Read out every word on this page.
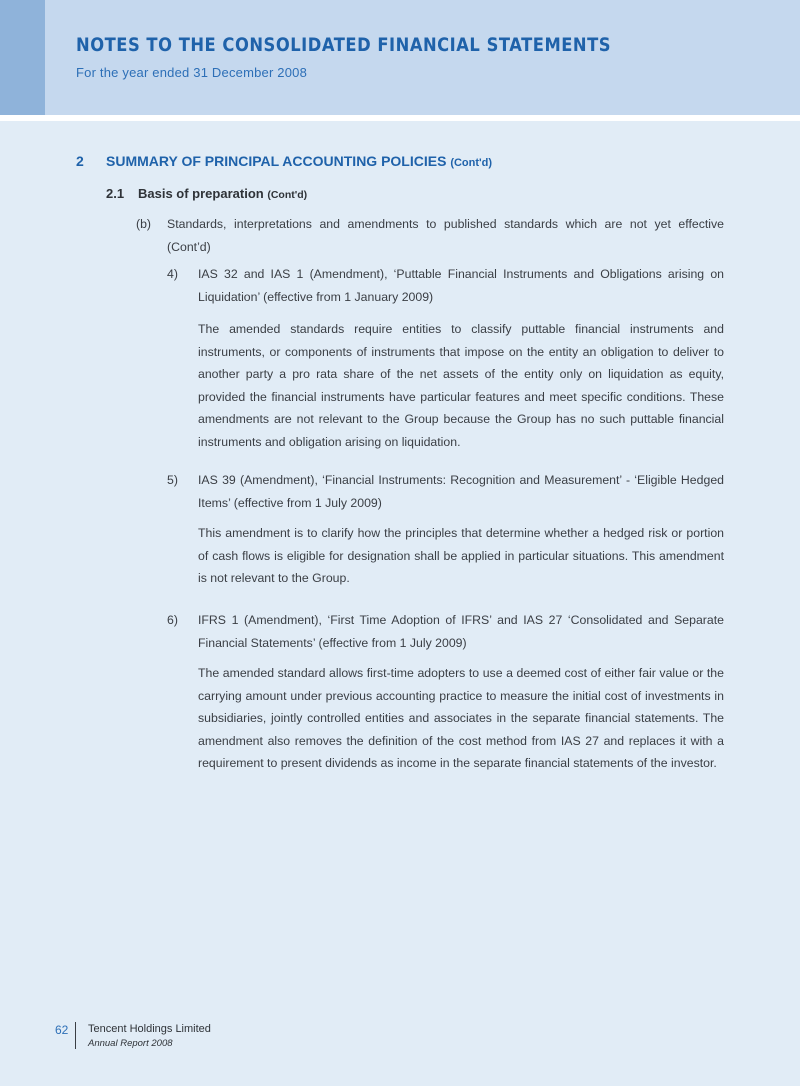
NOTES TO THE CONSOLIDATED FINANCIAL STATEMENTS
For the year ended 31 December 2008
2 SUMMARY OF PRINCIPAL ACCOUNTING POLICIES (Cont'd)
2.1 Basis of preparation (Cont'd)
(b) Standards, interpretations and amendments to published standards which are not yet effective (Cont’d)

4) IAS 32 and IAS 1 (Amendment), ‘Puttable Financial Instruments and Obligations arising on Liquidation’ (effective from 1 January 2009)

The amended standards require entities to classify puttable financial instruments and instruments, or components of instruments that impose on the entity an obligation to deliver to another party a pro rata share of the net assets of the entity only on liquidation as equity, provided the financial instruments have particular features and meet specific conditions. These amendments are not relevant to the Group because the Group has no such puttable financial instruments and obligation arising on liquidation.

5) IAS 39 (Amendment), ‘Financial Instruments: Recognition and Measurement’ - ‘Eligible Hedged Items’ (effective from 1 July 2009)

This amendment is to clarify how the principles that determine whether a hedged risk or portion of cash flows is eligible for designation shall be applied in particular situations. This amendment is not relevant to the Group.

6) IFRS 1 (Amendment), ‘First Time Adoption of IFRS’ and IAS 27 ‘Consolidated and Separate Financial Statements’ (effective from 1 July 2009)

The amended standard allows first-time adopters to use a deemed cost of either fair value or the carrying amount under previous accounting practice to measure the initial cost of investments in subsidiaries, jointly controlled entities and associates in the separate financial statements. The amendment also removes the definition of the cost method from IAS 27 and replaces it with a requirement to present dividends as income in the separate financial statements of the investor.

62 Tencent Holdings Limited
Annual Report 2008
